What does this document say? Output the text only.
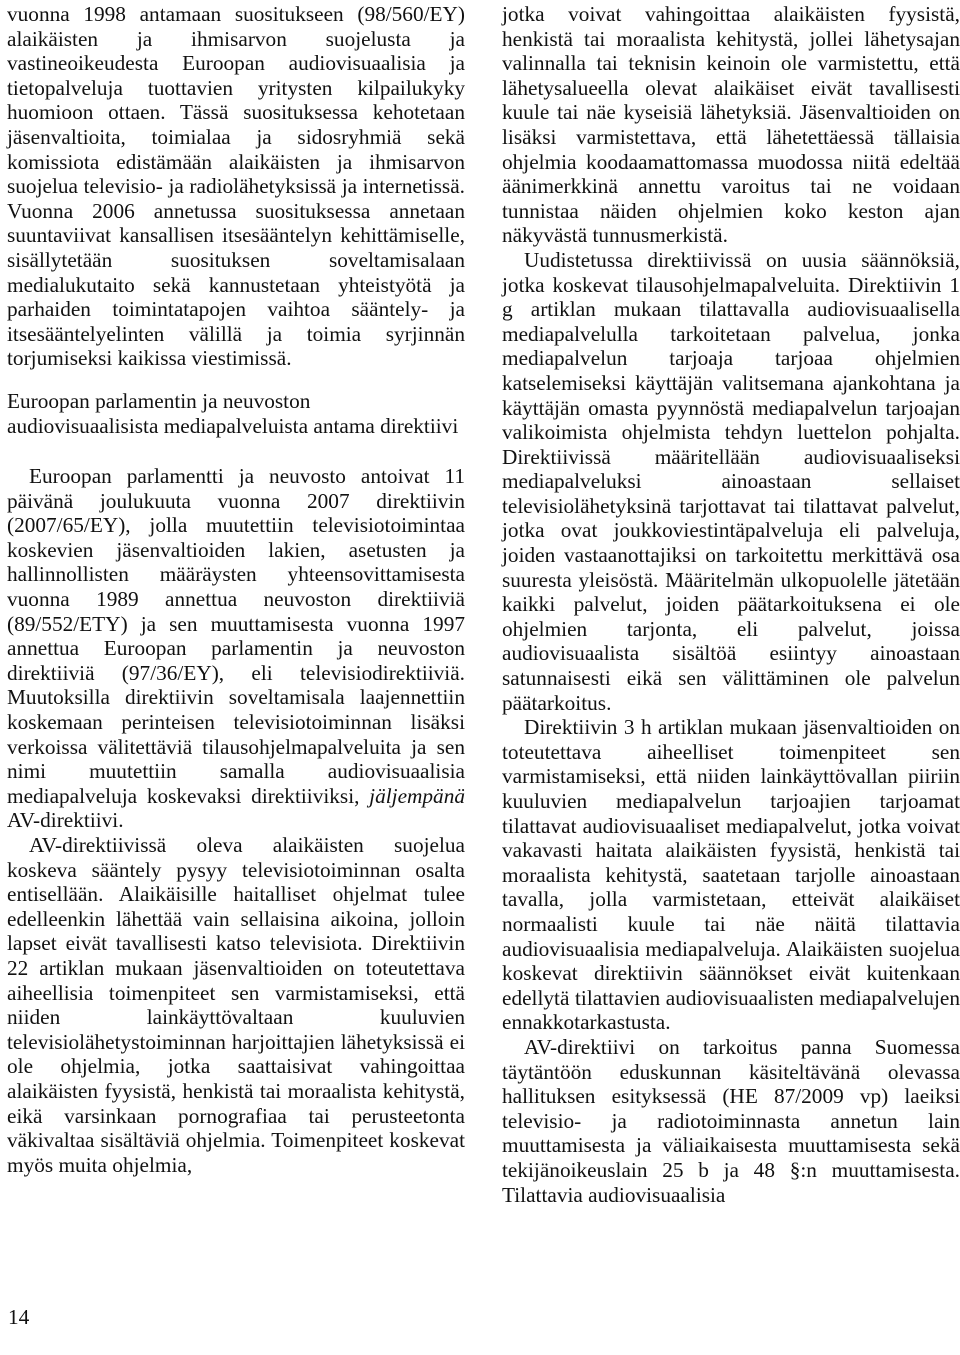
vuonna 1998 antamaan suositukseen (98/560/EY) alaikäisten ja ihmisarvon suojelusta ja vastineoikeudesta Euroopan audiovisuaalisia ja tietopalveluja tuottavien yritysten kilpailukyky huomioon ottaen. Tässä suosituksessa kehotetaan jäsenvaltioita, toimialaa ja sidosryhmiä sekä komissiota edistämään alaikäisten ja ihmisarvon suojelua televisio- ja radiolähetyksissä ja internetissä. Vuonna 2006 annetussa suosituksessa annetaan suuntaviivat kansallisen itsesääntelyn kehittämiselle, sisällytetään suosituksen soveltamisalaan medialukutaito sekä kannustetaan yhteistyötä ja parhaiden toimintatapojen vaihtoa sääntely- ja itsesääntelyelinten välillä ja toimia syrjinnän torjumiseksi kaikissa viestimissä.

Euroopan parlamentin ja neuvoston audiovisuaalisista mediapalveluista antama direktiivi

Euroopan parlamentti ja neuvosto antoivat 11 päivänä joulukuuta vuonna 2007 direktiivin (2007/65/EY), jolla muutettiin televisiotoimintaa koskevien jäsenvaltioiden lakien, asetusten ja hallinnollisten määräysten yhteensovittamisesta vuonna 1989 annettua neuvoston direktiiviä (89/552/ETY) ja sen muuttamisesta vuonna 1997 annettua Euroopan parlamentin ja neuvoston direktiiviä (97/36/EY), eli televisiodirektiiviä. Muutoksilla direktiivin soveltamisala laajennettiin koskemaan perinteisen televisiotoiminnan lisäksi verkoissa välitettäviä tilausohjelmapalveluita ja sen nimi muutettiin samalla audiovisuaalisia mediapalveluja koskevaksi direktiiviksi, jäljempänä AV-direktiivi.

AV-direktiivissä oleva alaikäisten suojelua koskeva sääntely pysyy televisiotoiminnan osalta entisellään. Alaikäisille haitalliset ohjelmat tulee edelleenkin lähettää vain sellaisina aikoina, jolloin lapset eivät tavallisesti katso televisiota. Direktiivin 22 artiklan mukaan jäsenvaltioiden on toteutettava aiheellisia toimenpiteet sen varmistamiseksi, että niiden lainkäyttövaltaan kuuluvien televisiolähetystoiminnan harjoittajien lähetyksissä ei ole ohjelmia, jotka saattaisivat vahingoittaa alaikäisten fyysistä, henkistä tai moraalista kehitystä, eikä varsinkaan pornografiaa tai perusteetonta väkivaltaa sisältäviä ohjelmia. Toimenpiteet koskevat myös muita ohjelmia,

jotka voivat vahingoittaa alaikäisten fyysistä, henkistä tai moraalista kehitystä, jollei lähetysajan valinnalla tai teknisin keinoin ole varmistettu, että lähetysalueella olevat alaikäiset eivät tavallisesti kuule tai näe kyseisiä lähetyksiä. Jäsenvaltioiden on lisäksi varmistettava, että lähetettäessä tällaisia ohjelmia koodaamattomassa muodossa niitä edeltää äänimerkkinä annettu varoitus tai ne voidaan tunnistaa näiden ohjelmien koko keston ajan näkyvästä tunnusmerkistä.

Uudistetussa direktiivissä on uusia säännöksiä, jotka koskevat tilausohjelmapalveluita. Direktiivin 1 g artiklan mukaan tilattavalla audiovisuaalisella mediapalvelulla tarkoitetaan palvelua, jonka mediapalvelun tarjoaja tarjoaa ohjelmien katselemiseksi käyttäjän valitsemana ajankohtana ja käyttäjän omasta pyynnöstä mediapalvelun tarjoajan valikoimista ohjelmista tehdyn luettelon pohjalta. Direktiivissä määritellään audiovisuaaliseksi mediapalveluksi ainoastaan sellaiset televisiolähetyksinä tarjottavat tai tilattavat palvelut, jotka ovat joukkoviestintäpalveluja eli palveluja, joiden vastaanottajiksi on tarkoitettu merkittävä osa suuresta yleisöstä. Määritelmän ulkopuolelle jätetään kaikki palvelut, joiden päätarkoituksena ei ole ohjelmien tarjonta, eli palvelut, joissa audiovisuaalista sisältöä esiintyy ainoastaan satunnaisesti eikä sen välittäminen ole palvelun päätarkoitus.

Direktiivin 3 h artiklan mukaan jäsenvaltioiden on toteutettava aiheelliset toimenpiteet sen varmistamiseksi, että niiden lainkäyttövallan piiriin kuuluvien mediapalvelun tarjoajien tarjoamat tilattavat audiovisuaaliset mediapalvelut, jotka voivat vakavasti haitata alaikäisten fyysistä, henkistä tai moraalista kehitystä, saatetaan tarjolle ainoastaan tavalla, jolla varmistetaan, etteivät alaikäiset normaalisti kuule tai näe näitä tilattavia audiovisuaalisia mediapalveluja. Alaikäisten suojelua koskevat direktiivin säännökset eivät kuitenkaan edellytä tilattavien audiovisuaalisten mediapalvelujen ennakkotarkastusta.

AV-direktiivi on tarkoitus panna Suomessa täytäntöön eduskunnan käsiteltävänä olevassa hallituksen esityksessä (HE 87/2009 vp) laeiksi televisio- ja radiotoiminnasta annetun lain muuttamisesta ja väliaikaisesta muuttamisesta sekä tekijänoikeuslain 25 b ja 48 §:n muuttamisesta. Tilattavia audiovisuaalisia

14
